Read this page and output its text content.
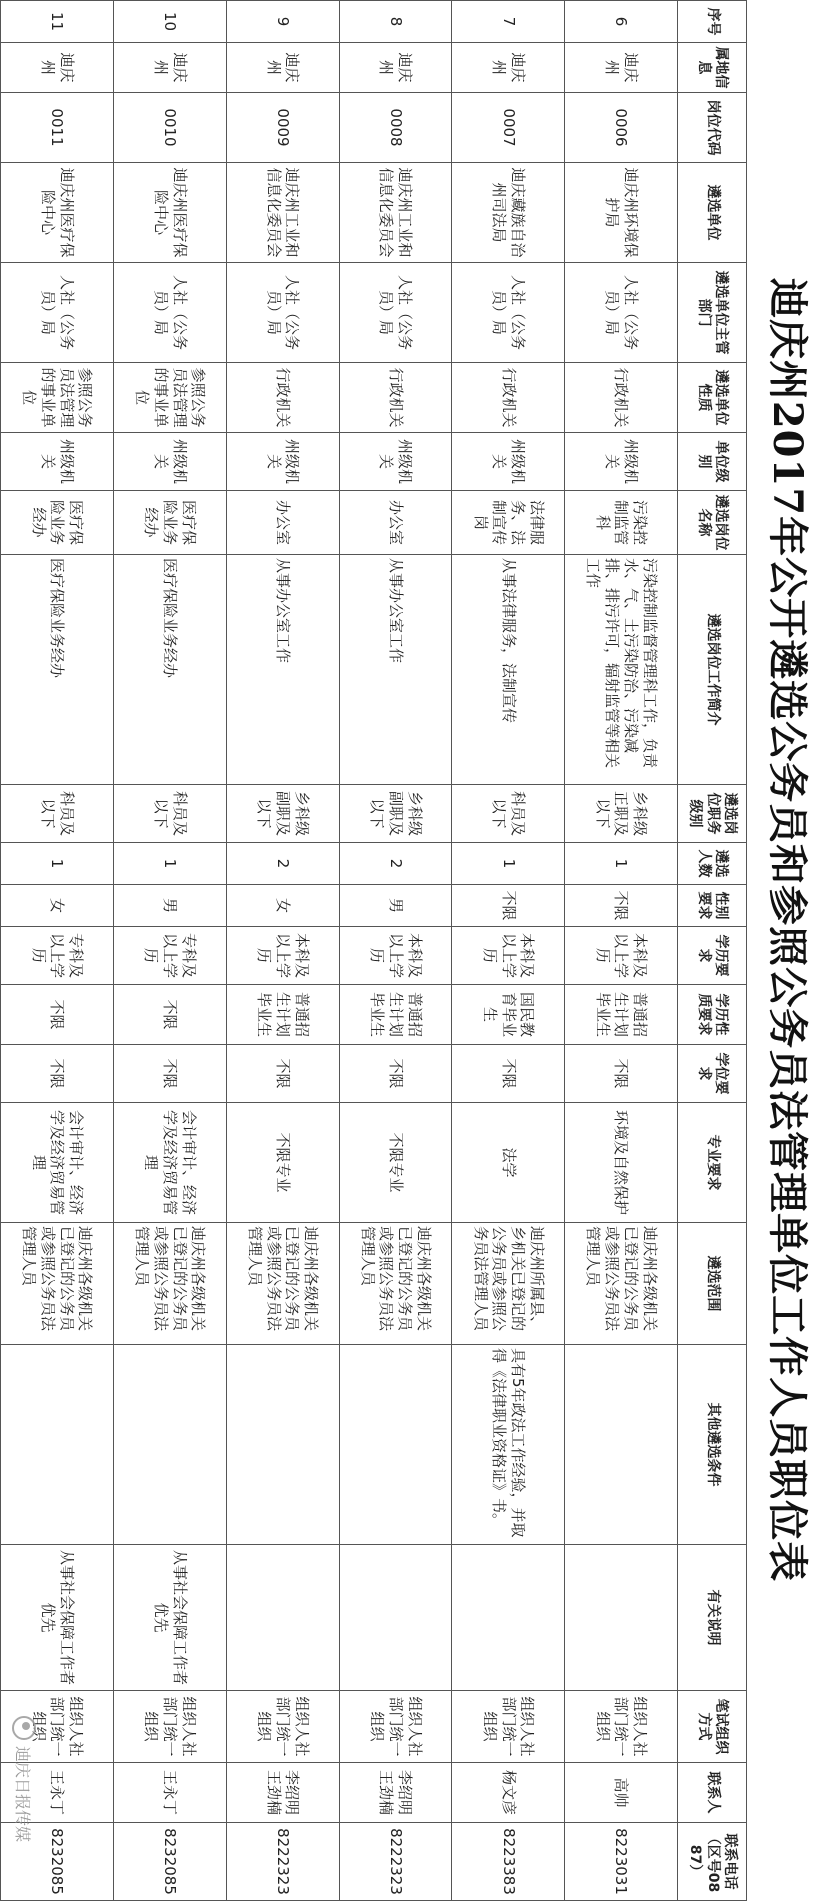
迪庆州2017年公开遴选公务员和参照公务员法管理单位工作人员职位表
序号	属地信息	岗位代码	遴选单位	遴选单位主管部门	遴选单位性质	单位级别	遴选岗位名称	遴选岗位工作简介	遴选岗位职务级别	遴选人数	性别要求	学历要求	学历性质要求	学位要求	专业要求	遴选范围	其他遴选条件	有关说明	笔试组织方式	联系人	联系电话（区号0887）
6	迪庆州	0006	迪庆州环境保护局	人社（公务员）局	行政机关	州级机关	污染控制监管科	污染控制监督管理科工作，负责水、气、土污染防治、污染减排、排污许可，辐射监管等相关工作	乡科级正职及以下	1	不限	本科及以上学历	普通招生计划毕业生	不限	环境及自然保护	迪庆州各级机关已登记的公务员或参照公务员法管理人员			组织人社部门统一组织	高帅	8223031
7	迪庆州	0007	迪庆藏族自治州司法局	人社（公务员）局	行政机关	州级机关	法律服务、法制宣传岗	从事法律服务，法制宣传	科员及以下	1	不限	本科及以上学历	国民教育毕业生	不限	法学	迪庆州所属县、乡机关已登记的公务员或参照公务员法管理人员	具有5年政法工作经验，并取得《法律职业资格证》书。		组织人社部门统一组织	杨文彦	8223383
8	迪庆州	0008	迪庆州工业和信息化委员会	人社（公务员）局	行政机关	州级机关	办公室	从事办公室工作	乡科级副职及以下	2	男	本科及以上学历	普通招生计划毕业生	不限	不限专业	迪庆州各级机关已登记的公务员或参照公务员法管理人员			组织人社部门统一组织	李绍明 王劲楠	8222323
9	迪庆州	0009	迪庆州工业和信息化委员会	人社（公务员）局	行政机关	州级机关	办公室	从事办公室工作	乡科级副职及以下	2	女	本科及以上学历	普通招生计划毕业生	不限	不限专业	迪庆州各级机关已登记的公务员或参照公务员法管理人员			组织人社部门统一组织	李绍明 王劲楠	8222323
10	迪庆州	0010	迪庆州医疗保险中心	人社（公务员）局	参照公务员法管理的事业单位	州级机关	医疗保险业务经办	医疗保险业务经办	科员及以下	1	男	专科及以上学历	不限	不限	会计审计、经济学及经济贸易管理	迪庆州各级机关已登记的公务员或参照公务员法管理人员		从事社会保障工作者优先	组织人社部门统一组织	王永丁	8232085
11	迪庆州	0011	迪庆州医疗保险中心	人社（公务员）局	参照公务员法管理的事业单位	州级机关	医疗保险业务经办	医疗保险业务经办	科员及以下	1	女	专科及以上学历	不限	不限	会计审计、经济学及经济贸易管理	迪庆州各级机关已登记的公务员或参照公务员法管理人员		从事社会保障工作者优先	组织人社部门统一组织	王永丁	8232085
迪庆日报传媒
